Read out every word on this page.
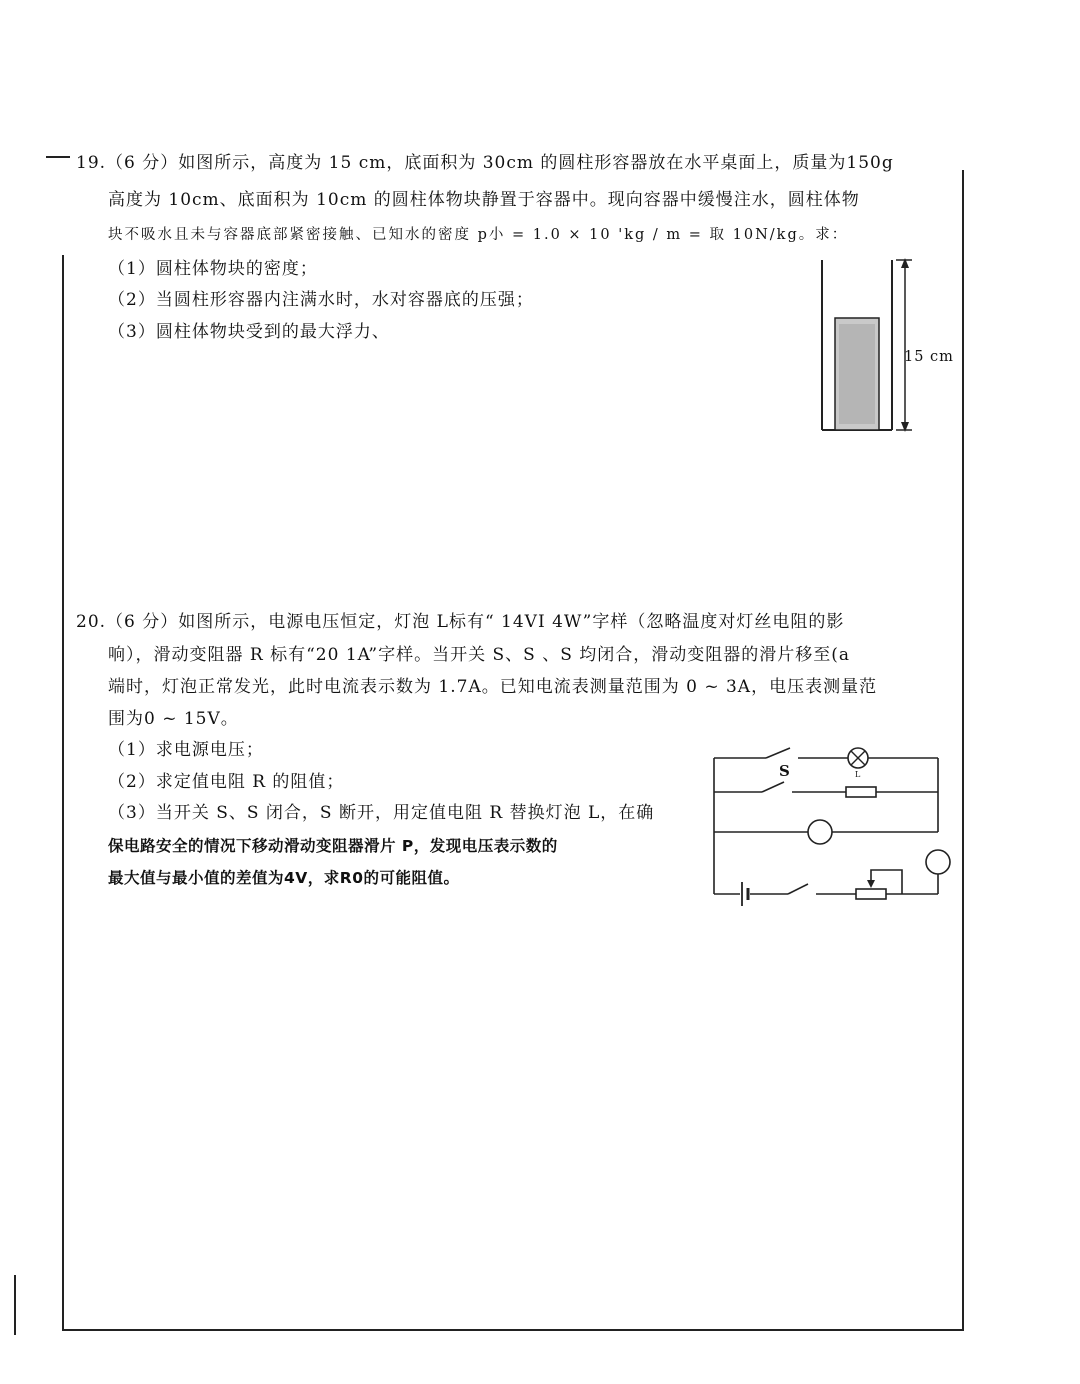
19.（6 分）如图所示，高度为 15 cm，底面积为 30cm 的圆柱形容器放在水平桌面上，质量为150g
高度为 10cm、底面积为 10cm 的圆柱体物块静置于容器中。现向容器中缓慢注水，圆柱体物
块不吸水且未与容器底部紧密接触、已知水的密度 p小 = 1.0 × 10 'kg / m = 取 10N/kg。求：
（1）圆柱体物块的密度；
（2）当圆柱形容器内注满水时，水对容器底的压强；
（3）圆柱体物块受到的最大浮力、
15 cm
20.（6 分）如图所示，电源电压恒定，灯泡 L标有“ 14VI 4W”字样（忽略温度对灯丝电阻的影
响），滑动变阻器 R 标有“20 1A”字样。当开关 S、S 、S 均闭合，滑动变阻器的滑片移至(a
端时，灯泡正常发光，此时电流表示数为 1.7A。已知电流表测量范围为 0 ~ 3A，电压表测量范
围为0 ~ 15V。
（1）求电源电压；
（2）求定值电阻 R 的阻值；
（3）当开关 S、S 闭合，S 断开，用定值电阻 R 替换灯泡 L，在确
保电路安全的情况下移动滑动变阻器滑片 P，发现电压表示数的
最大值与最小值的差值为4V，求R0的可能阻值。
S	L
